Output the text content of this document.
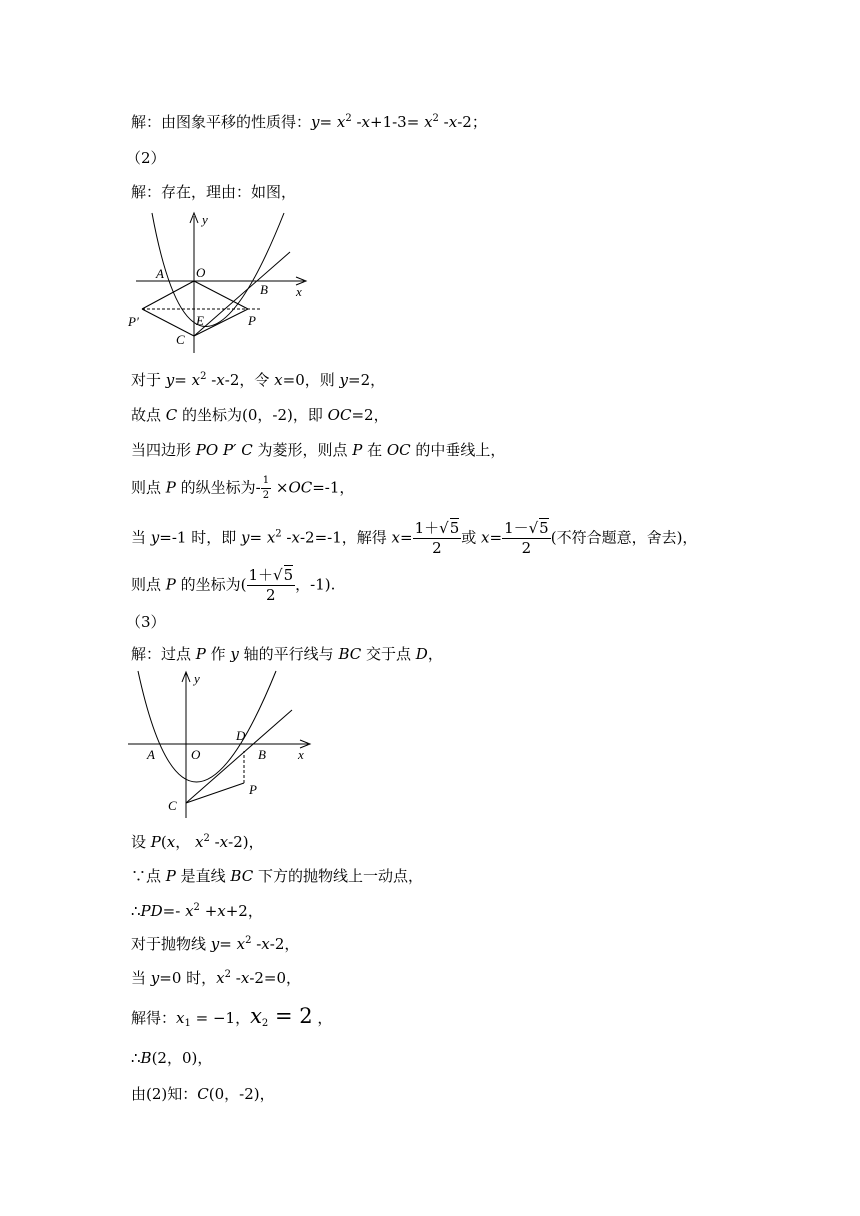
解：由图象平移的性质得：$y= x^2$ $-x+1-3= x^2$ -x-2；
（2）
解：存在，理由：如图，
y
x
A O
B
P′	E	P
C
对于 $y= x^2$ -x-2，令 x=0，则 y=2，
故点 C 的坐标为(0，-2)，即 OC=2，
当四边形 PO P′ C 为菱形，则点 P 在 OC 的中垂线上，
则点 P 的纵坐标为- $\frac{1}{2} \times OC=-1$，
当 y=-1 时，即 $y= x^2$ -x-2=-1，解得 $x= \frac{1+√5}{2}$ 或 $x= \frac{1-√5}{2}$ (不符合题意，舍去)，
则点 P 的坐标为( $\frac{1+√5}{2}$ ，-1).
（3）
解：过点 P 作 y 轴的平行线与 BC 交于点 D，
y
x
A	O
D
B
C
P
设 P(x， $x^2$ -x-2)，
∵点 P 是直线 BC 下方的抛物线上一动点，
∴PD=- $x^2 +x+2$，
对于抛物线 $y= x^2$ -x-2，
当 y=0 时，$x^2$ -x-2=0，
解得：$x_1 = -1$，$x_2 = 2$ ，
∴B(2，0)，
由(2)知：C(0，-2)，
